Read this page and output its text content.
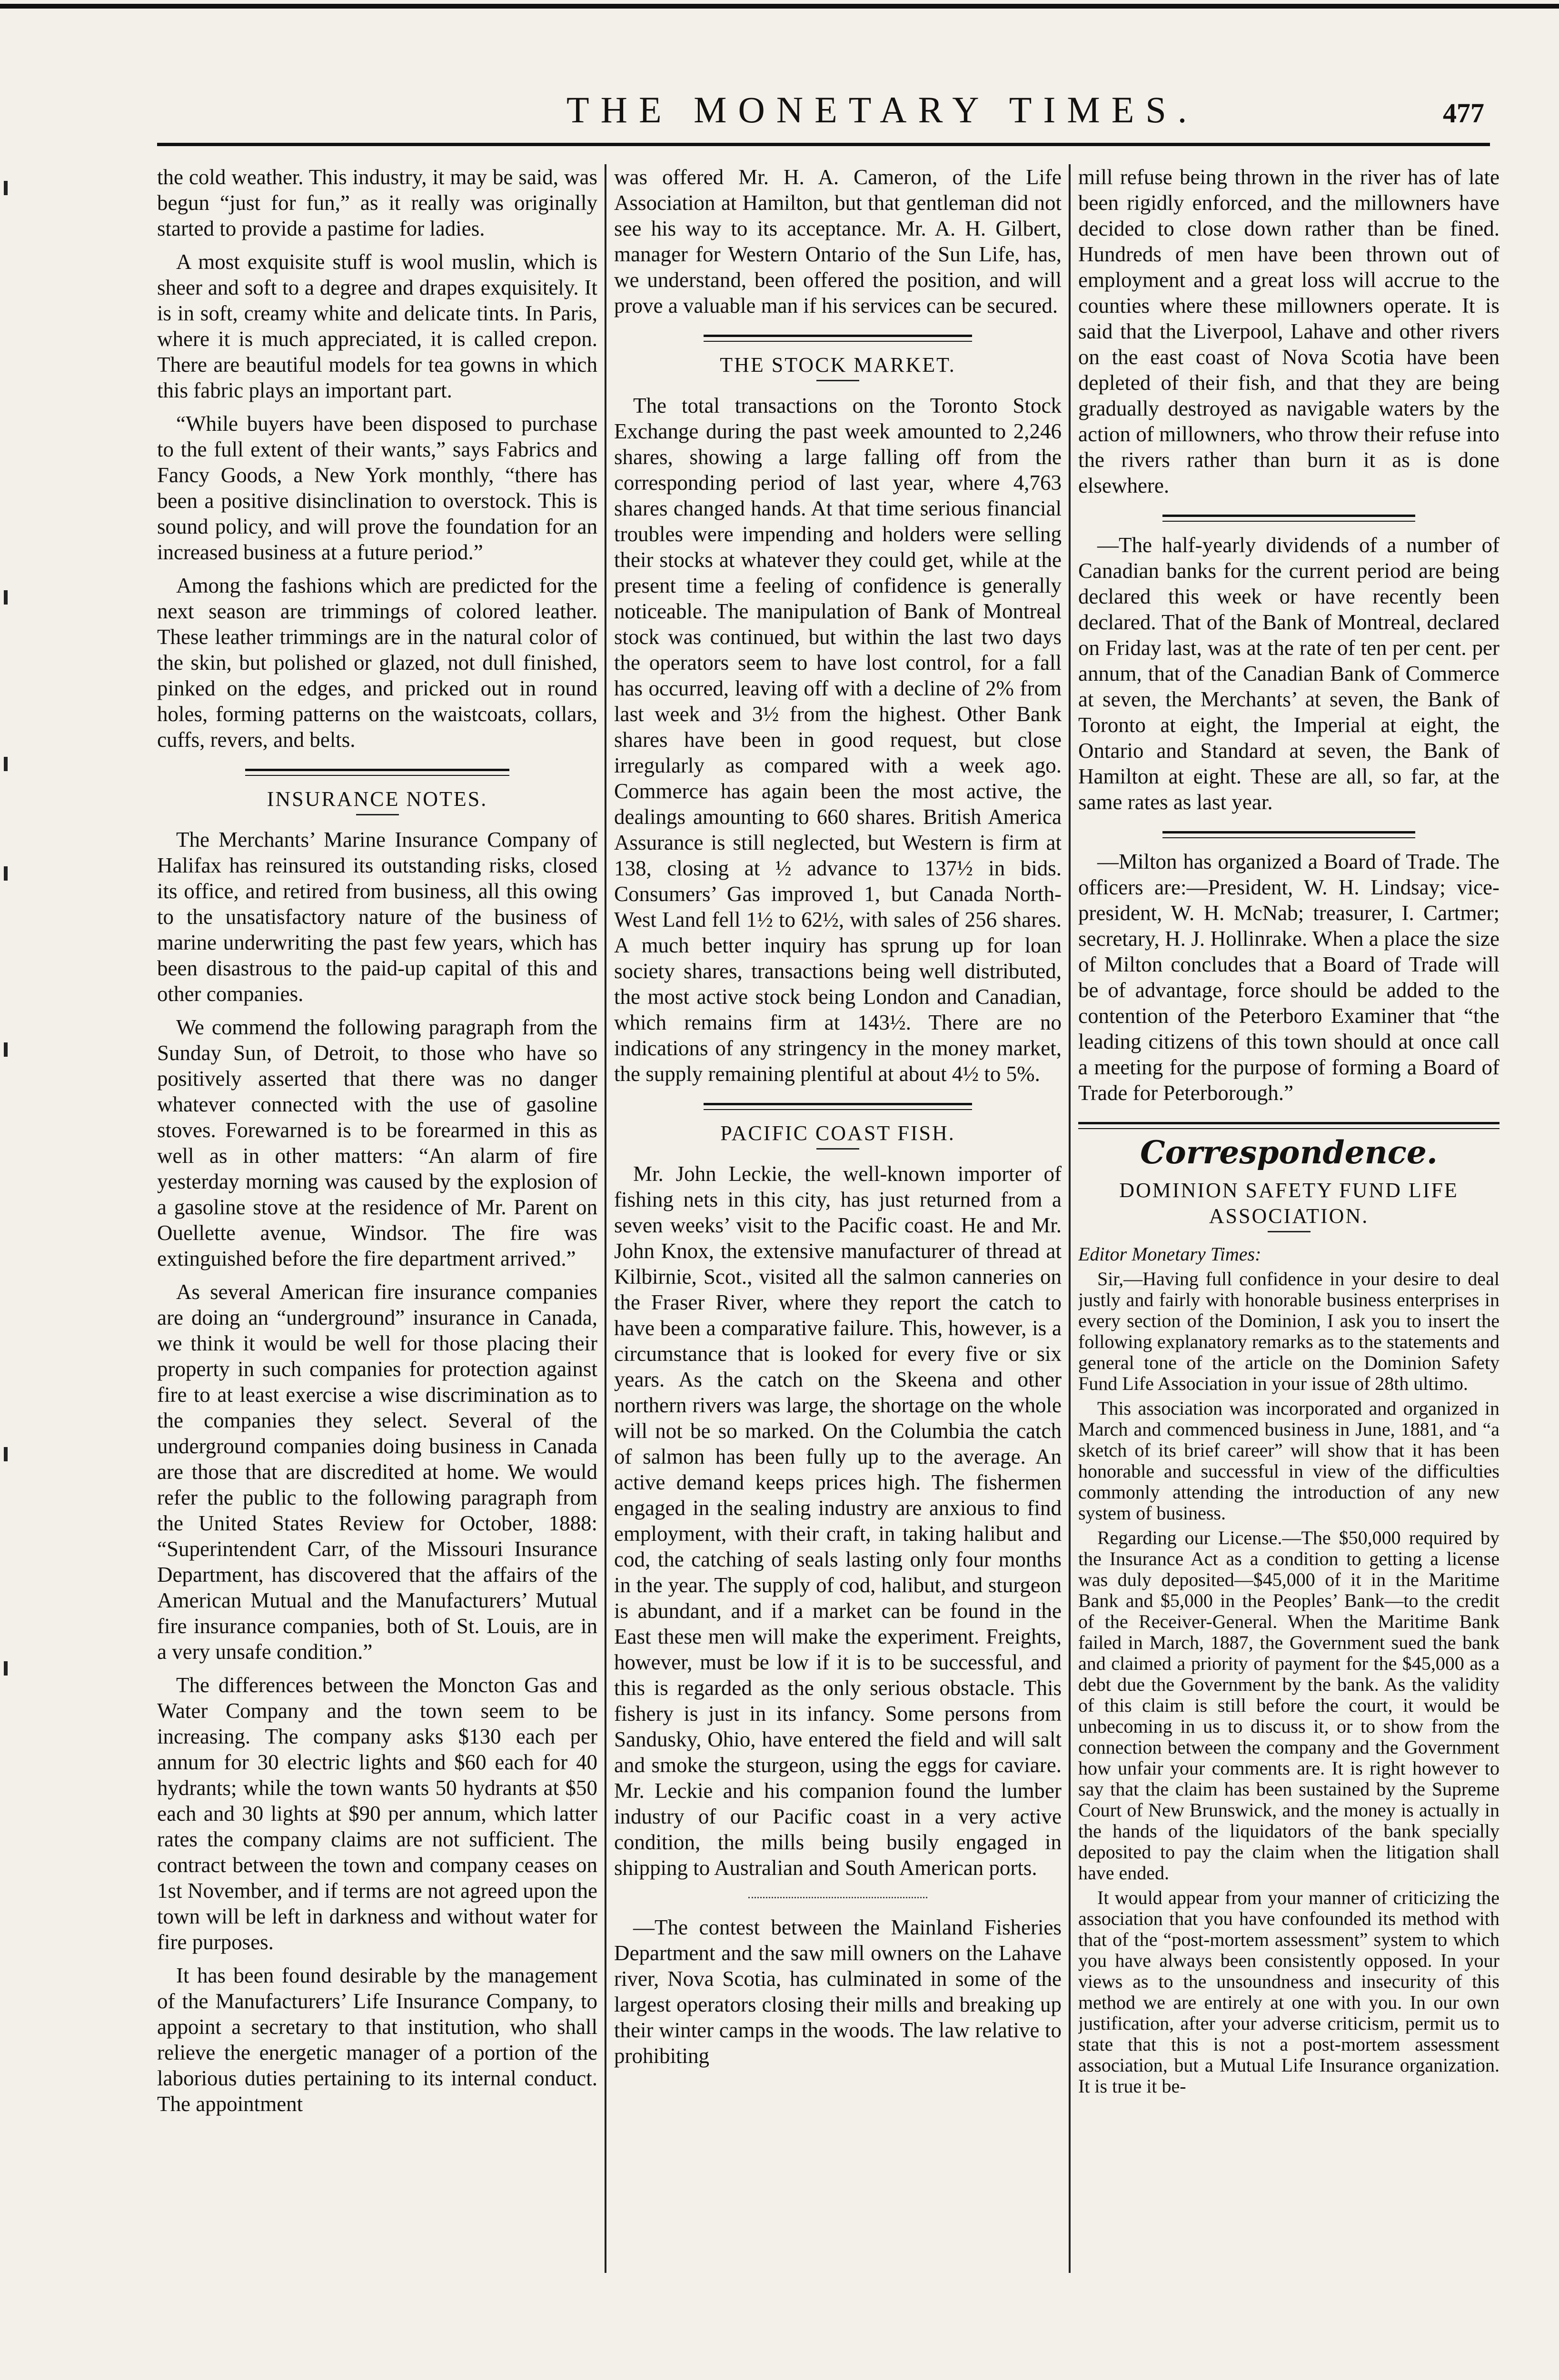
THE MONETARY TIMES.	477

the cold weather. This industry, it may be said, was begun “just for fun,” as it really was originally started to provide a pastime for ladies.

A most exquisite stuff is wool muslin, which is sheer and soft to a degree and drapes exquisitely. It is in soft, creamy white and delicate tints. In Paris, where it is much appreciated, it is called crepon. There are beautiful models for tea gowns in which this fabric plays an important part.

“While buyers have been disposed to purchase to the full extent of their wants,” says Fabrics and Fancy Goods, a New York monthly, “there has been a positive disinclination to overstock. This is sound policy, and will prove the foundation for an increased business at a future period.”

Among the fashions which are predicted for the next season are trimmings of colored leather. These leather trimmings are in the natural color of the skin, but polished or glazed, not dull finished, pinked on the edges, and pricked out in round holes, forming patterns on the waistcoats, collars, cuffs, revers, and belts.

INSURANCE NOTES.

The Merchants’ Marine Insurance Company of Halifax has reinsured its outstanding risks, closed its office, and retired from business, all this owing to the unsatisfactory nature of the business of marine underwriting the past few years, which has been disastrous to the paid-up capital of this and other companies.

We commend the following paragraph from the Sunday Sun, of Detroit, to those who have so positively asserted that there was no danger whatever connected with the use of gasoline stoves. Forewarned is to be forearmed in this as well as in other matters: “An alarm of fire yesterday morning was caused by the explosion of a gasoline stove at the residence of Mr. Parent on Ouellette avenue, Windsor. The fire was extinguished before the fire department arrived.”

As several American fire insurance companies are doing an “underground” insurance in Canada, we think it would be well for those placing their property in such companies for protection against fire to at least exercise a wise discrimination as to the companies they select. Several of the underground companies doing business in Canada are those that are discredited at home. We would refer the public to the following paragraph from the United States Review for October, 1888: “Superintendent Carr, of the Missouri Insurance Department, has discovered that the affairs of the American Mutual and the Manufacturers’ Mutual fire insurance companies, both of St. Louis, are in a very unsafe condition.”

The differences between the Moncton Gas and Water Company and the town seem to be increasing. The company asks $130 each per annum for 30 electric lights and $60 each for 40 hydrants; while the town wants 50 hydrants at $50 each and 30 lights at $90 per annum, which latter rates the company claims are not sufficient. The contract between the town and company ceases on 1st November, and if terms are not agreed upon the town will be left in darkness and without water for fire purposes.

It has been found desirable by the management of the Manufacturers’ Life Insurance Company, to appoint a secretary to that institution, who shall relieve the energetic manager of a portion of the laborious duties pertaining to its internal conduct. The appointment

was offered Mr. H. A. Cameron, of the Life Association at Hamilton, but that gentleman did not see his way to its acceptance. Mr. A. H. Gilbert, manager for Western Ontario of the Sun Life, has, we understand, been offered the position, and will prove a valuable man if his services can be secured.

THE STOCK MARKET.

The total transactions on the Toronto Stock Exchange during the past week amounted to 2,246 shares, showing a large falling off from the corresponding period of last year, where 4,763 shares changed hands. At that time serious financial troubles were impending and holders were selling their stocks at whatever they could get, while at the present time a feeling of confidence is generally noticeable. The manipulation of Bank of Montreal stock was continued, but within the last two days the operators seem to have lost control, for a fall has occurred, leaving off with a decline of 2% from last week and 3½ from the highest. Other Bank shares have been in good request, but close irregularly as compared with a week ago. Commerce has again been the most active, the dealings amounting to 660 shares. British America Assurance is still neglected, but Western is firm at 138, closing at ½ advance to 137½ in bids. Consumers’ Gas improved 1, but Canada North-West Land fell 1½ to 62½, with sales of 256 shares. A much better inquiry has sprung up for loan society shares, transactions being well distributed, the most active stock being London and Canadian, which remains firm at 143½. There are no indications of any stringency in the money market, the supply remaining plentiful at about 4½ to 5%.

PACIFIC COAST FISH.

Mr. John Leckie, the well-known importer of fishing nets in this city, has just returned from a seven weeks’ visit to the Pacific coast. He and Mr. John Knox, the extensive manufacturer of thread at Kilbirnie, Scot., visited all the salmon canneries on the Fraser River, where they report the catch to have been a comparative failure. This, however, is a circumstance that is looked for every five or six years. As the catch on the Skeena and other northern rivers was large, the shortage on the whole will not be so marked. On the Columbia the catch of salmon has been fully up to the average. An active demand keeps prices high. The fishermen engaged in the sealing industry are anxious to find employment, with their craft, in taking halibut and cod, the catching of seals lasting only four months in the year. The supply of cod, halibut, and sturgeon is abundant, and if a market can be found in the East these men will make the experiment. Freights, however, must be low if it is to be successful, and this is regarded as the only serious obstacle. This fishery is just in its infancy. Some persons from Sandusky, Ohio, have entered the field and will salt and smoke the sturgeon, using the eggs for caviare. Mr. Leckie and his companion found the lumber industry of our Pacific coast in a very active condition, the mills being busily engaged in shipping to Australian and South American ports.

—The contest between the Mainland Fisheries Department and the saw mill owners on the Lahave river, Nova Scotia, has culminated in some of the largest operators closing their mills and breaking up their winter camps in the woods. The law relative to prohibiting

mill refuse being thrown in the river has of late been rigidly enforced, and the millowners have decided to close down rather than be fined. Hundreds of men have been thrown out of employment and a great loss will accrue to the counties where these millowners operate. It is said that the Liverpool, Lahave and other rivers on the east coast of Nova Scotia have been depleted of their fish, and that they are being gradually destroyed as navigable waters by the action of millowners, who throw their refuse into the rivers rather than burn it as is done elsewhere.

—The half-yearly dividends of a number of Canadian banks for the current period are being declared this week or have recently been declared. That of the Bank of Montreal, declared on Friday last, was at the rate of ten per cent. per annum, that of the Canadian Bank of Commerce at seven, the Merchants’ at seven, the Bank of Toronto at eight, the Imperial at eight, the Ontario and Standard at seven, the Bank of Hamilton at eight. These are all, so far, at the same rates as last year.

—Milton has organized a Board of Trade. The officers are:—President, W. H. Lindsay; vice-president, W. H. McNab; treasurer, I. Cartmer; secretary, H. J. Hollinrake. When a place the size of Milton concludes that a Board of Trade will be of advantage, force should be added to the contention of the Peterboro Examiner that “the leading citizens of this town should at once call a meeting for the purpose of forming a Board of Trade for Peterborough.”

Correspondence.
DOMINION SAFETY FUND LIFE ASSOCIATION.

Editor Monetary Times:

Sir,—Having full confidence in your desire to deal justly and fairly with honorable business enterprises in every section of the Dominion, I ask you to insert the following explanatory remarks as to the statements and general tone of the article on the Dominion Safety Fund Life Association in your issue of 28th ultimo.

This association was incorporated and organized in March and commenced business in June, 1881, and “a sketch of its brief career” will show that it has been honorable and successful in view of the difficulties commonly attending the introduction of any new system of business.

Regarding our License.—The $50,000 required by the Insurance Act as a condition to getting a license was duly deposited—$45,000 of it in the Maritime Bank and $5,000 in the Peoples’ Bank—to the credit of the Receiver-General. When the Maritime Bank failed in March, 1887, the Government sued the bank and claimed a priority of payment for the $45,000 as a debt due the Government by the bank. As the validity of this claim is still before the court, it would be unbecoming in us to discuss it, or to show from the connection between the company and the Government how unfair your comments are. It is right however to say that the claim has been sustained by the Supreme Court of New Brunswick, and the money is actually in the hands of the liquidators of the bank specially deposited to pay the claim when the litigation shall have ended.

It would appear from your manner of criticizing the association that you have confounded its method with that of the “post-mortem assessment” system to which you have always been consistently opposed. In your views as to the unsoundness and insecurity of this method we are entirely at one with you. In our own justification, after your adverse criticism, permit us to state that this is not a post-mortem assessment association, but a Mutual Life Insurance organization. It is true it be-
